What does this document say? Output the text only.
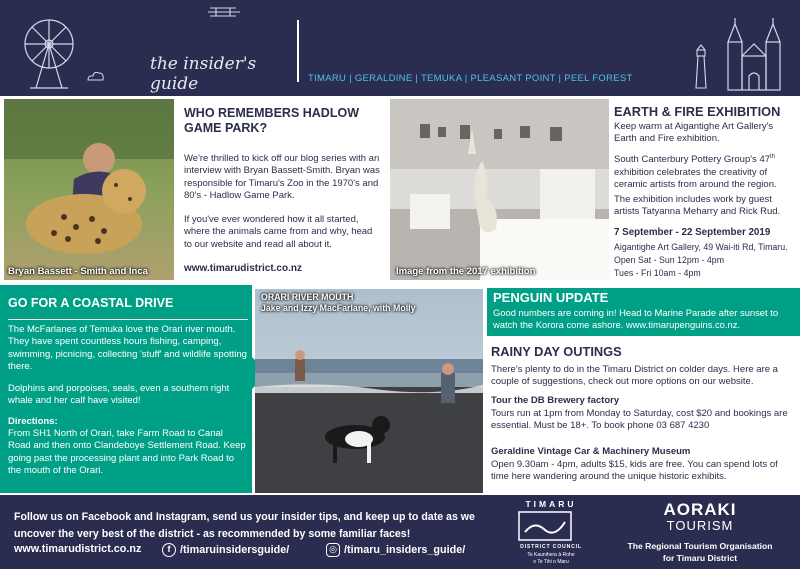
TIMARU DISTRICT
the insider's guide
WE'RE ON A MISSION TO UNCOVER EVERYTHING THAT'S EPIC ABOUT THE TIMARU DISTRICT. The best places to shop, eat, play, stay, and visit, as recommended by the good people who live here.
TIMARU | GERALDINE | TEMUKA | PLEASANT POINT | PEEL FOREST
Bryan Bassett - Smith and Inca
WHO REMEMBERS HADLOW GAME PARK?
We're thrilled to kick off our blog series with an interview with Bryan Bassett-Smith. Bryan was responsible for Timaru's Zoo in the 1970's and 80's - Hadlow Game Park.
If you've ever wondered how it all started, where the animals came from and why, head to our website and read all about it.
www.timarudistrict.co.nz	Image from the 2017 exhibition
EARTH & FIRE EXHIBITION
Keep warm at Aigantighe Art Gallery's Earth and Fire exhibition.
South Canterbury Pottery Group's 47th exhibition celebrates the creativity of ceramic artists from around the region.
The exhibition includes work by guest artists Tatyanna Meharry and Rick Rud.
7 September - 22 September 2019
Aigantighe Art Gallery, 49 Wai-iti Rd, Timaru.
Open Sat - Sun 12pm - 4pm
Tues - Fri 10am - 4pm
GO FOR A COASTAL DRIVE
The McFarlanes of Temuka love the Orari river mouth. They have spent countless hours fishing, camping, swimming, picnicing, collecting 'stuff' and wildlife spotting there.
Dolphins and porpoises, seals, even a southern right whale and her calf have visited!
Directions:
From SH1 North of Orari, take Farm Road to Canal Road and then onto Clandeboye Settlement Road. Keep going past the processing plant and into Park Road to the mouth of the Orari.
ORARI RIVER MOUTH
Jake and Izzy MacFarlane, with Molly
PENGUIN UPDATE
Good numbers are coming in! Head to Marine Parade after sunset to watch the Korora come ashore. www.timarupenguins.co.nz.
RAINY DAY OUTINGS
There's plenty to do in the Timaru District on colder days. Here are a couple of suggestions, check out more options on our website.
Tour the DB Brewery factory
Tours run at 1pm from Monday to Saturday, cost $20 and bookings are essential. Must be 18+. To book phone 03 687 4230
Geraldine Vintage Car & Machinery Museum
Open 9.30am - 4pm, adults $15, kids are free. You can spend lots of time here wandering around the unique historic exhibits.
Follow us on Facebook and Instagram, send us your insider tips, and keep up to date as we uncover the very best of the district - as recommended by some familiar faces!
www.timarudistrict.co.nz	f /timaruinsidersguide/	◎ /timaru_insiders_guide/
TIMARU
DISTRICT COUNCIL
Te Kaunihera ā-Rohe
o Te Tihi o Maru
AORAKI
TOURISM
The Regional Tourism Organisation
for Timaru District
